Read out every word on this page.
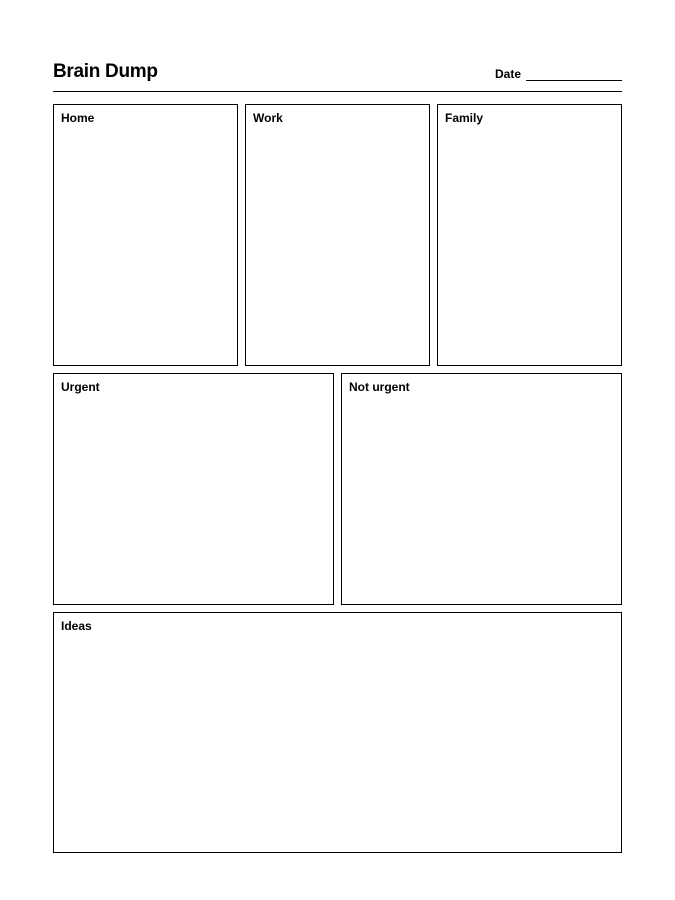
Brain Dump	Date
Home	Work	Family
Urgent	Not urgent
Ideas
